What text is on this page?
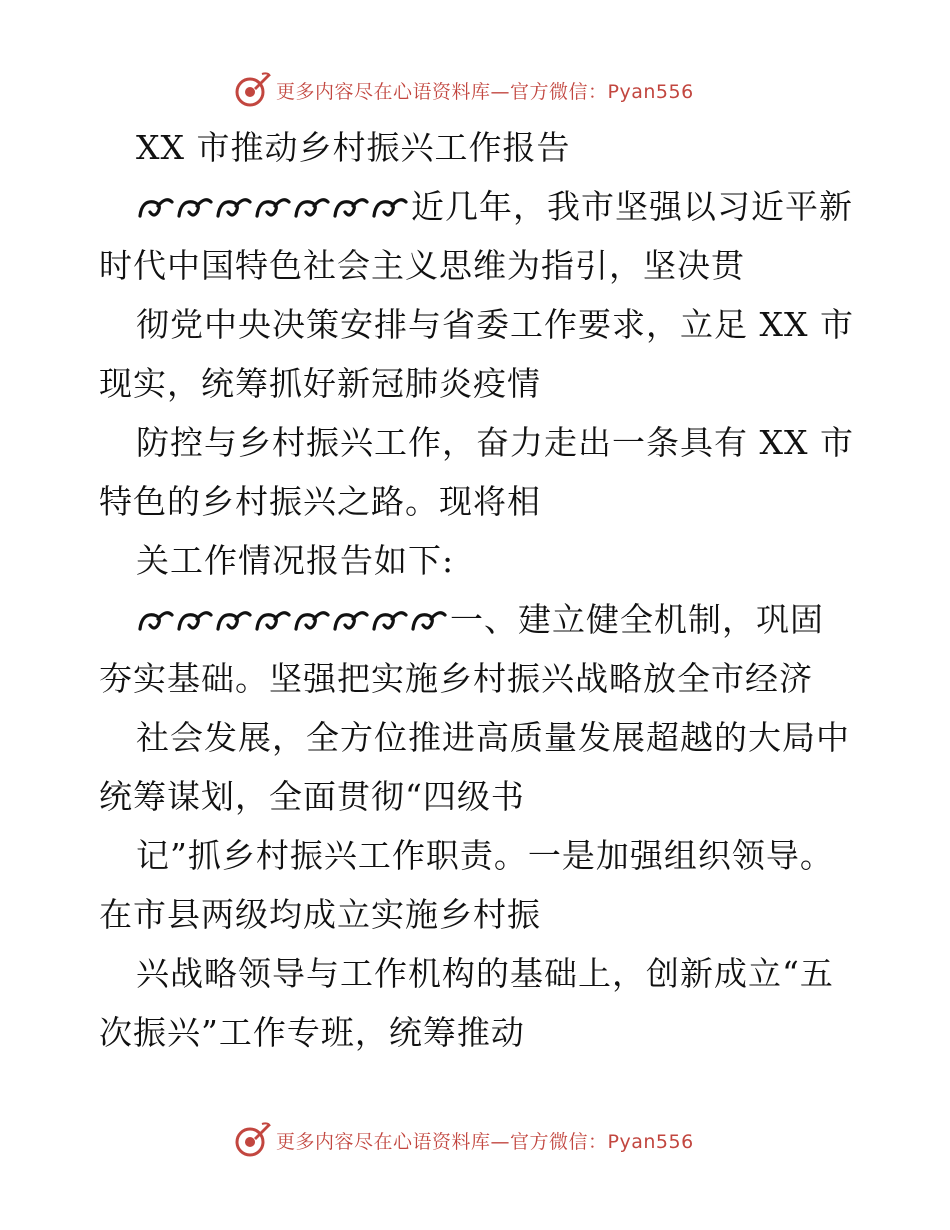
更多内容尽在心语资料库—官方微信：Pyan556
XX 市推动乡村振兴工作报告
近几年，我市坚强以习近平新
时代中国特色社会主义思维为指引，坚决贯
彻党中央决策安排与省委工作要求，立足 XX 市
现实，统筹抓好新冠肺炎疫情
防控与乡村振兴工作，奋力走出一条具有 XX 市
特色的乡村振兴之路。现将相
关工作情况报告如下:
一、建立健全机制，巩固
夯实基础。坚强把实施乡村振兴战略放全市经济
社会发展，全方位推进高质量发展超越的大局中
统筹谋划，全面贯彻“四级书
记”抓乡村振兴工作职责。一是加强组织领导。
在市县两级均成立实施乡村振
兴战略领导与工作机构的基础上，创新成立“五
次振兴”工作专班，统筹推动
更多内容尽在心语资料库—官方微信：Pyan556
